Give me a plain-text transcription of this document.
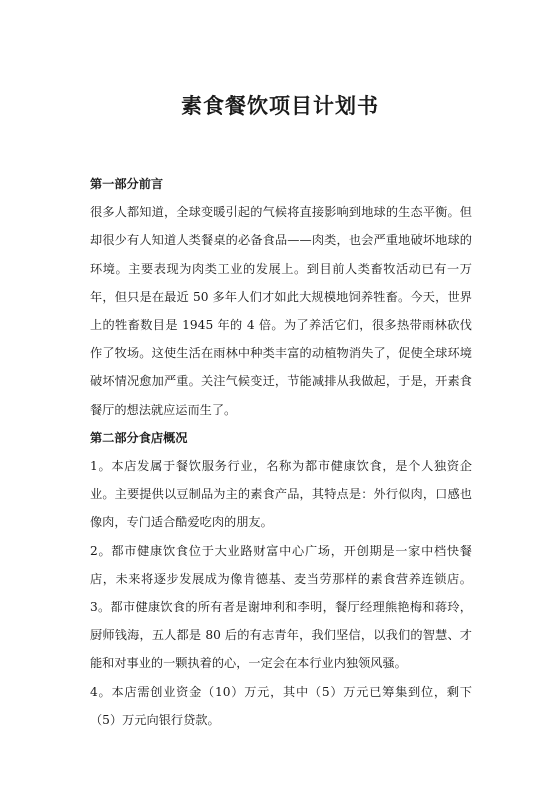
素食餐饮项目计划书

第一部分前言

很多人都知道，全球变暖引起的气候将直接影响到地球的生态平衡。但却很少有人知道人类餐桌的必备食品——肉类，也会严重地破坏地球的环境。主要表现为肉类工业的发展上。到目前人类畜牧活动已有一万年，但只是在最近 50 多年人们才如此大规模地饲养牲畜。今天，世界上的牲畜数目是 1945 年的 4 倍。为了养活它们，很多热带雨林砍伐作了牧场。这使生活在雨林中种类丰富的动植物消失了，促使全球环境破坏情况愈加严重。关注气候变迁，节能减排从我做起，于是，开素食餐厅的想法就应运而生了。

第二部分食店概况

1。本店发属于餐饮服务行业，名称为都市健康饮食，是个人独资企业。主要提供以豆制品为主的素食产品，其特点是：外行似肉，口感也像肉，专门适合酷爱吃肉的朋友。

2。都市健康饮食位于大业路财富中心广场，开创期是一家中档快餐店，未来将逐步发展成为像肯德基、麦当劳那样的素食营养连锁店。3。都市健康饮食的所有者是谢坤利和李明，餐厅经理熊艳梅和蒋玲，厨师钱海，五人都是 80 后的有志青年，我们坚信，以我们的智慧、才能和对事业的一颗执着的心，一定会在本行业内独领风骚。

4。本店需创业资金（10）万元，其中（5）万元已筹集到位，剩下（5）万元向银行贷款。
